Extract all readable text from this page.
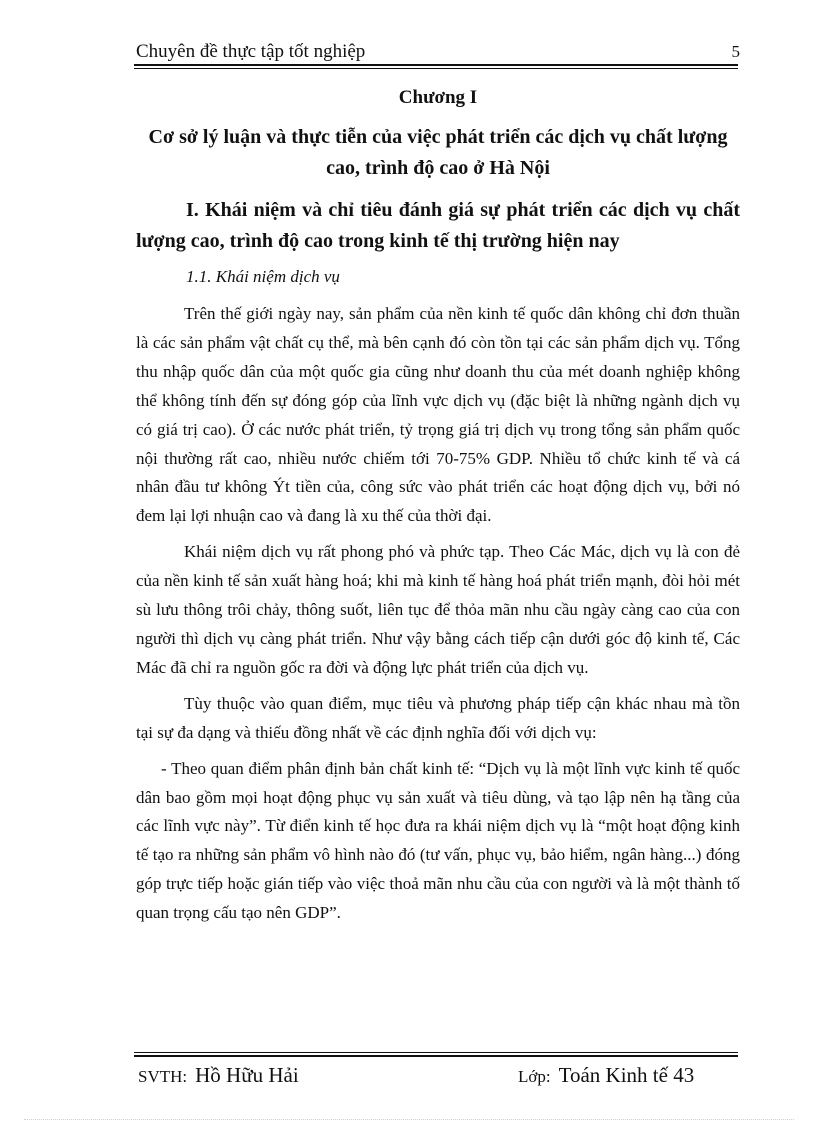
Chuyên đề thực tập tốt nghiệp	5
Chương I
Cơ sở lý luận và thực tiễn của việc phát triển các dịch vụ chất lượng cao, trình độ cao ở Hà Nội
I. Khái niệm và chỉ tiêu đánh giá sự phát triển các dịch vụ chất lượng cao, trình độ cao trong kinh tế thị trường hiện nay
1.1. Khái niệm dịch vụ

Trên thế giới ngày nay, sản phẩm của nền kinh tế quốc dân không chỉ đơn thuần là các sản phẩm vật chất cụ thể, mà bên cạnh đó còn tồn tại các sản phẩm dịch vụ. Tổng thu nhập quốc dân của một quốc gia cũng như doanh thu của mét doanh nghiệp không thể không tính đến sự đóng góp của lĩnh vực dịch vụ (đặc biệt là những ngành dịch vụ có giá trị cao). Ở các nước phát triển, tỷ trọng giá trị dịch vụ trong tổng sản phẩm quốc nội thường rất cao, nhiều nước chiếm tới 70-75% GDP. Nhiều tổ chức kinh tế và cá nhân đầu tư không Ýt tiền của, công sức vào phát triển các hoạt động dịch vụ, bởi nó đem lại lợi nhuận cao và đang là xu thế của thời đại.

Khái niệm dịch vụ rất phong phó và phức tạp. Theo Các Mác, dịch vụ là con đẻ của nền kinh tế sản xuất hàng hoá; khi mà kinh tế hàng hoá phát triển mạnh, đòi hỏi mét sù lưu thông trôi chảy, thông suốt, liên tục để thỏa mãn nhu cầu ngày càng cao của con người thì dịch vụ càng phát triển. Như vậy bằng cách tiếp cận dưới góc độ kinh tế, Các Mác đã chỉ ra nguồn gốc ra đời và động lực phát triển của dịch vụ.

Tùy thuộc vào quan điểm, mục tiêu và phương pháp tiếp cận khác nhau mà tồn tại sự đa dạng và thiếu đồng nhất về các định nghĩa đối với dịch vụ:

- Theo quan điểm phân định bản chất kinh tế: “Dịch vụ là một lĩnh vực kinh tế quốc dân bao gồm mọi hoạt động phục vụ sản xuất và tiêu dùng, và tạo lập nên hạ tầng của các lĩnh vực này”. Từ điển kinh tế học đưa ra khái niệm dịch vụ là “một hoạt động kinh tế tạo ra những sản phẩm vô hình nào đó (tư vấn, phục vụ, bảo hiểm, ngân hàng...) đóng góp trực tiếp hoặc gián tiếp vào việc thoả mãn nhu cầu của con người và là một thành tố quan trọng cấu tạo nên GDP”.

SVTH: Hồ Hữu Hải	Lớp: Toán Kinh tế 43
